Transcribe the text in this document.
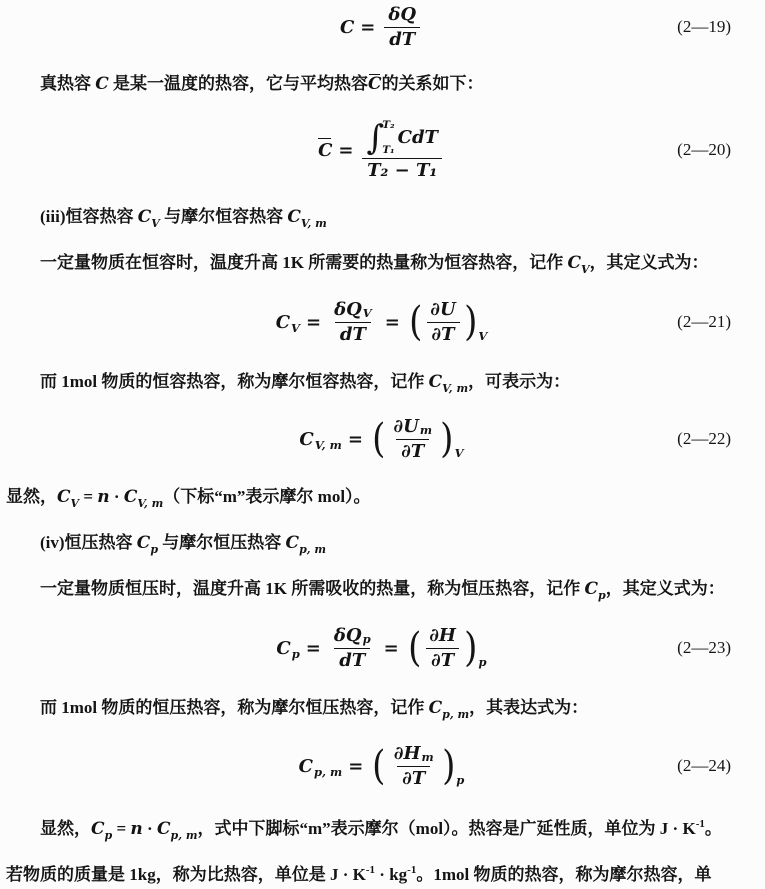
$C = \frac{\delta Q}{dT}$	(2—19)

真热容 C 是某一温度的热容，它与平均热容C的关系如下：

C = ∫
T₂
T₁
CdT
T₂ − T₁
(2—20)

(iii)恒容热容 $C_V$ 与摩尔恒容热容 $C_{V, m}$

一定量物质在恒容时，温度升高 1K 所需要的热量称为恒容热容，记作 $C_V$，其定义式为：

C $V = \frac{\text{δQ V}}{dT}$ = ( $\frac{\partial U}{\partial T}$ ) V
(2—21)

而 1mol 物质的恒容热容，称为摩尔恒容热容，记作 $C_{V, m}$，可表示为：

C V, m = ( $\frac{\text{∂U m}}{\partial T}$ ) V
(2—22)

显然，$C_V = n \cdot C_{V, m}$（下标“m”表示摩尔 mol）。

(iv)恒压热容 $C_p$ 与摩尔恒压热容 $C_{p, m}$

一定量物质恒压时，温度升高 1K 所需吸收的热量，称为恒压热容，记作 $C_p$，其定义式为：

C $p = \frac{\text{δQ p}}{dT}$ = ( $\frac{\partial H}{\partial T}$ ) p
(2—23)

而 1mol 物质的恒压热容，称为摩尔恒压热容，记作 $C_{p, m}$，其表达式为：

C p, m = ( $\frac{\text{∂H m}}{\partial T}$ ) p
(2—24)

显然，$C_p = n \cdot C_{p, m}$，式中下脚标“m”表示摩尔（mol）。热容是广延性质，单位为 $J \cdot K^{-1}$。

若物质的质量是 1kg，称为比热容，单位是 $J \cdot K^{-1} \cdot kg^{-1}$。1mol 物质的热容，称为摩尔热容，单
